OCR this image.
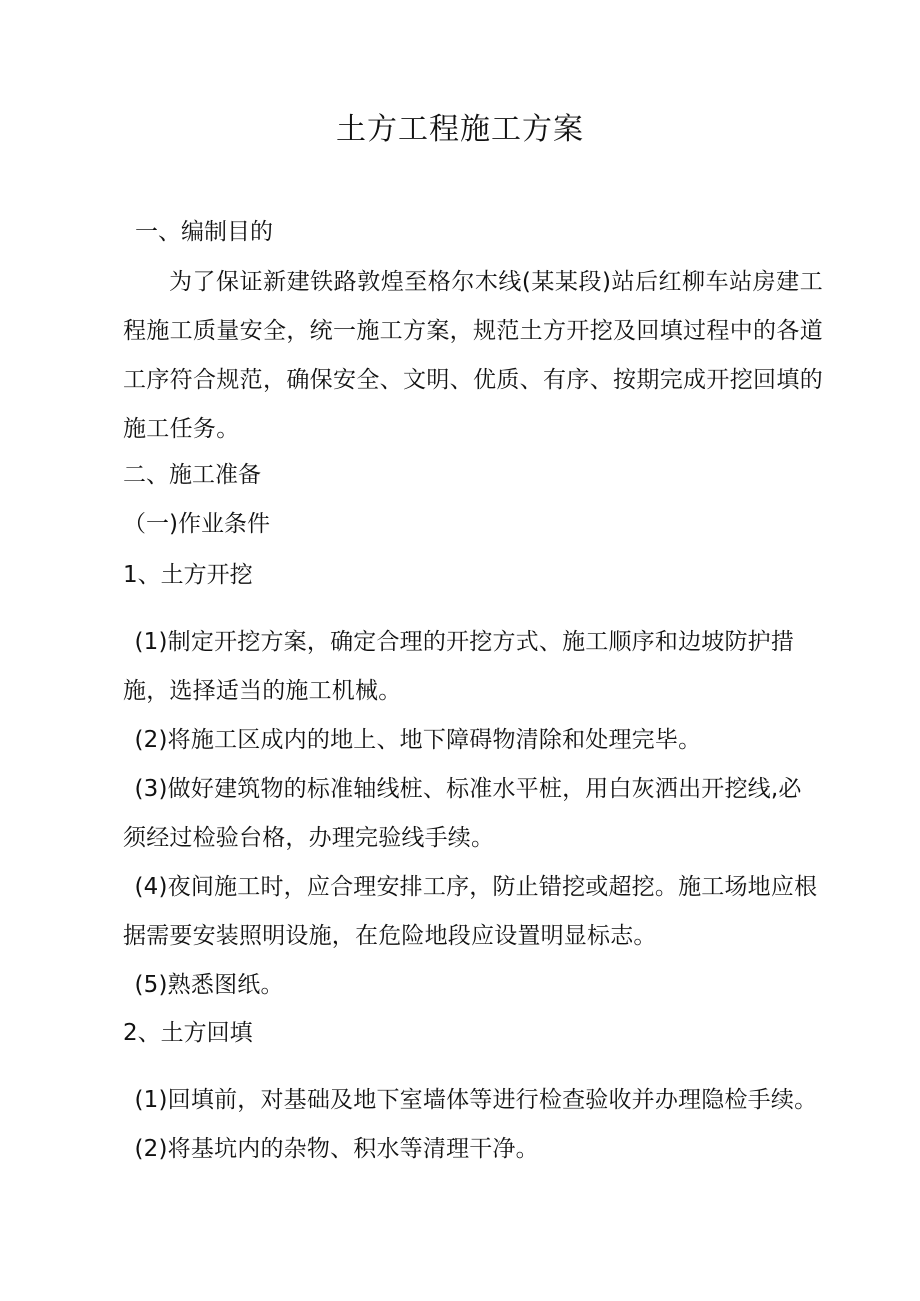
土方工程施工方案

一、编制目的

为了保证新建铁路敦煌至格尔木线(某某段)站后红柳车站房建工程施工质量安全，统一施工方案，规范土方开挖及回填过程中的各道工序符合规范，确保安全、文明、优质、有序、按期完成开挖回填的施工任务。

二、施工准备

（一)作业条件

1、土方开挖

(1)制定开挖方案，确定合理的开挖方式、施工顺序和边坡防护措施，选择适当的施工机械。

(2)将施工区成内的地上、地下障碍物清除和处理完毕。

(3)做好建筑物的标准轴线桩、标准水平桩，用白灰洒出开挖线,必须经过检验台格，办理完验线手续。

(4)夜间施工时，应合理安排工序，防止错挖或超挖。施工场地应根据需要安装照明设施，在危险地段应设置明显标志。

(5)熟悉图纸。

2、土方回填

(1)回填前，对基础及地下室墙体等进行检查验收并办理隐检手续。

(2)将基坑内的杂物、积水等清理干净。
